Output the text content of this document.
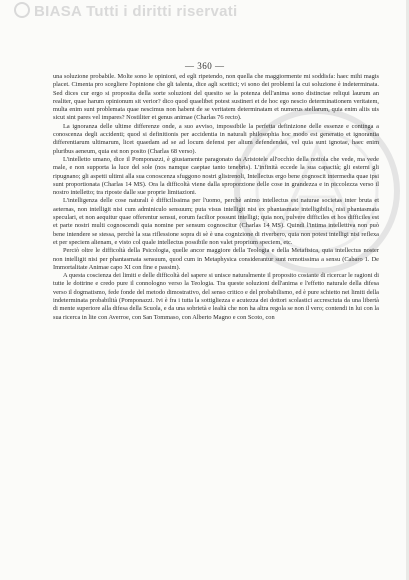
BIASA Tutti i diritti riservati
— 360 —

una soluzione probabile. Molte sono le opinioni, ed egli ripetendo, non quella che maggiormente mi soddisfa: haec mihi magis placet. Cimenta pro scegliere l'opinione che gli talenta, dice agli scettici; vi sono dei problemi la cui soluzione è indeterminata. Sed dices cur ergo si proposita della sorte soluzioni del quesito se la potenza dell'anima sono distinctae reliqui laurum an realiter, quae harum opinionum sit verior? dico quod quaelibet potest sustineri et de hoc ego nescio determinationem veritatem, multa enim sunt problemata quae nescimus non habent de se veritatem determinatam et numerus stellarum, quia enim aliis uis sicut sint pares vel impares? Nostiliter et genus animae (Charlas 76 recto).

La ignoranza delle ultime differenze onde, a suo avviso, impossibile la perfetta definizione delle essenze e continga a conoscenza degli accidenti; quod si definitionis per accidentia in naturali philosophia hoc modo est generatio et ignorantia differentiarum ultimarum, licet quaedam ad se ad locum defensi per alium defendendas, vel quia sunt ignotae, haec enim pluribus aeneum, quia est non posito (Charlas 68 verso).

L'intelletto umano, dice il Pomponazzi, è giustamente paragonato da Aristotele all'occhio della nottola che vede, ma vede male, e non supporta la luce del sole (nos namque caeptae tanto tenebris). L'infinità eccede la sua capacità; gli esterni gli ripugnano; gli aspetti ultimi alla sua conoscenza sfuggono nostri glistrenoli, Intellectus ergo bene cognoscit intermedia quae ipsi sunt proportionata (Charlas 14 MS). Ora la difficoltà viene dalla sproporzione delle cose in grandezza e in piccolezza verso il nostro intelletto; tra riposte dalle sue proprie limitazioni.

L'intelligenza delle cose naturali è difficilissima per l'uomo, perchè animo intellectus est naturae societas inter bruta et aeternas, non intelligit nisi cum adminiculo sensuum; puta visus intelligit nisi ex phantasmate intelligibilis, nisi phantasmata speculari, et non aequitur quae offerentur sensui, eorum facilior possunt intelligi; quia non, pulvere difficiles et hos difficiles est et parte nostri multi cognoscendi quia nomine per sensum cognoscitur (Charlas 14 MS). Quindi l'intima intellettiva non può bene intendere se stessa, perchè la sua riflessione sopra di sè è una cognizione di riverbero, quia non potest intelligi nisi reflexa et per speciem alienam, e visto col quale intellectus possibile non valet proprium speciem, etc.

Perciò oltre le difficoltà della Psicologia, quelle ancor maggiore della Teologia e della Metafisica, quia intellectus noster non intelligit nisi per phantasmata sensuum, quod cum in Metaphysica considerantur sunt remotissima a sensu (Cabaro 1. De Immortalitate Animae capo XI con fine e passim).

A questa coscienza dei limiti e delle difficoltà del sapere si unisce naturalmente il proposito costante di ricercar le ragioni di tutte le dottrine e credo pure il connologno verso la Teologia. Tra queste soluzioni dell'anima e l'effetto naturale della difesa verso il dogmatismo, fede fonde del metodo dimostrativo, del senso critico e del probabilismo, ed è pure schietto nei limiti della indeterminata probabilità (Pomponazzi. Ivi è fra i tutta la sottigliezza e acutezza dei dottori scolastici accresciuta da una libertà di mente superiore alla difesa della Scuola, e da una sobrietà e lealtà che non ha altra regola se non il vero; contendi in lui con la sua ricerca in lite con Averroe, con San Tommaso, con Alberto Magno e con Scoto, con
